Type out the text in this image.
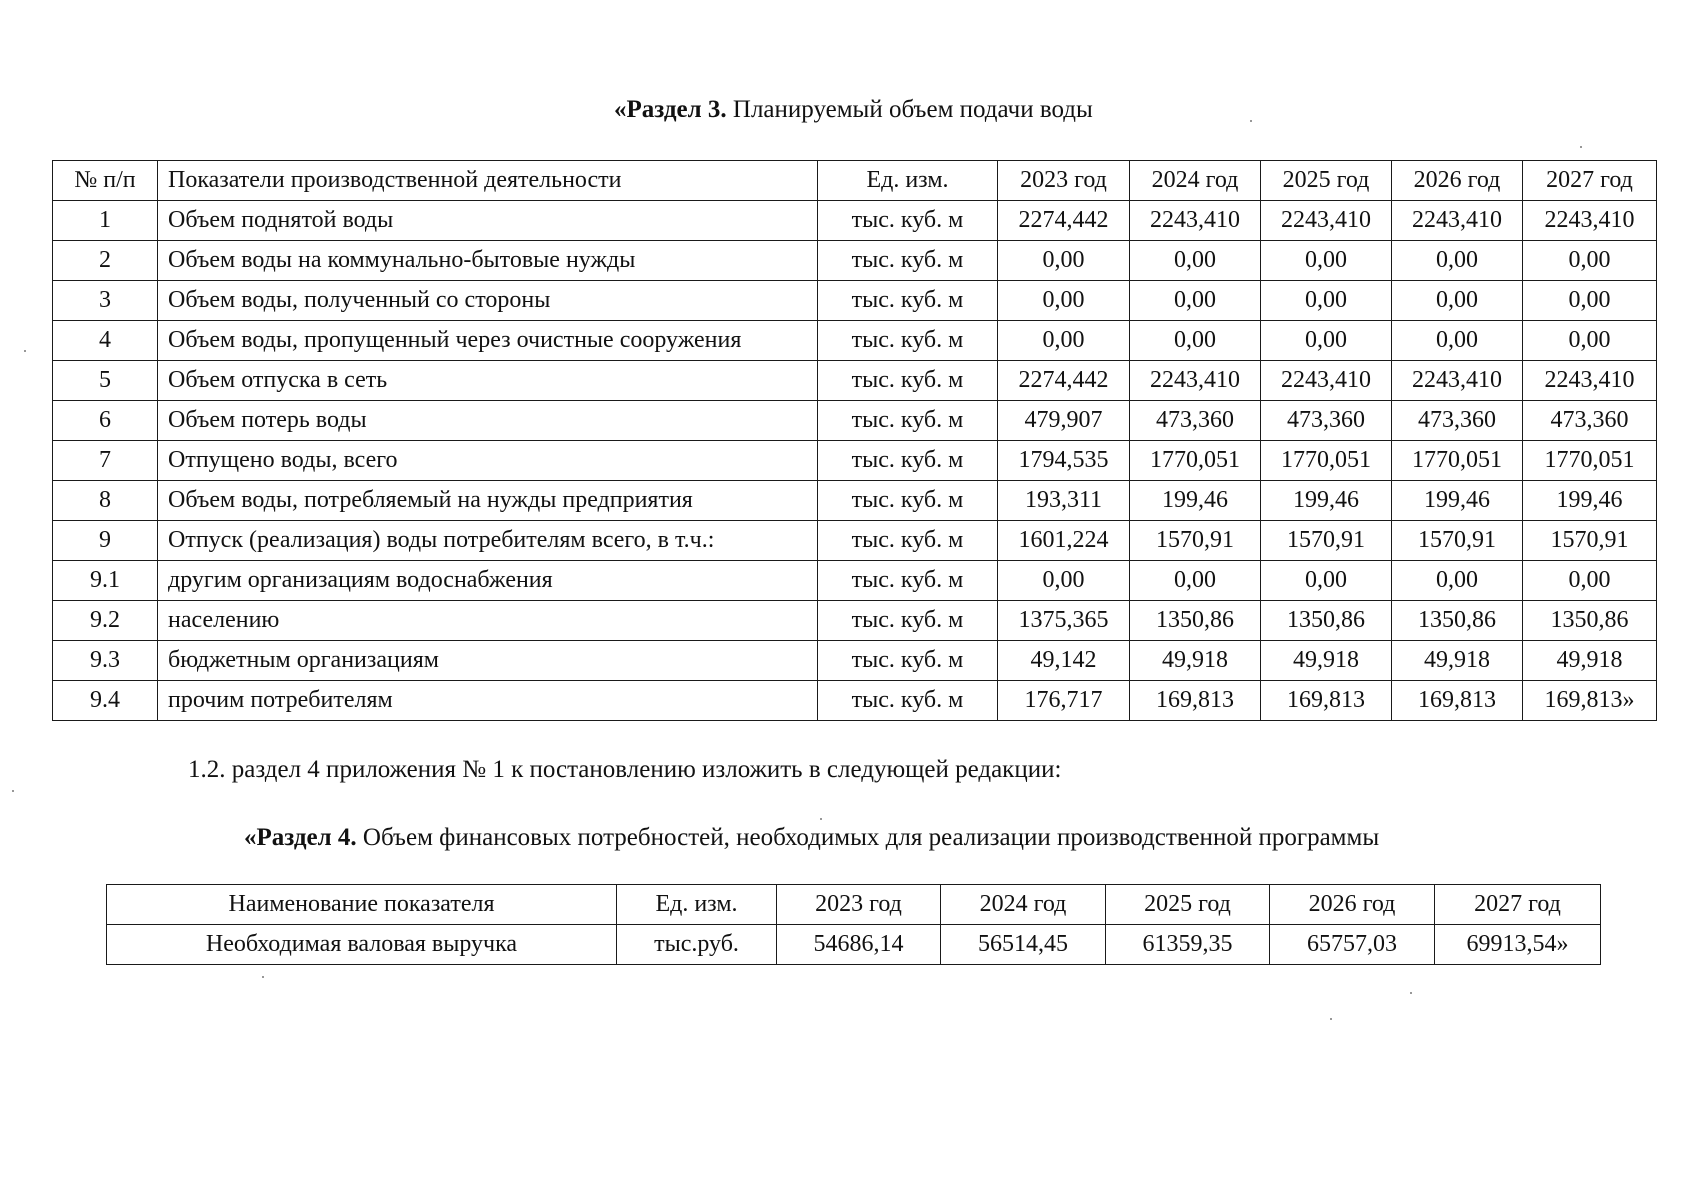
«Раздел 3. Планируемый объем подачи воды
№ п/п	Показатели производственной деятельности	Ед. изм.	2023 год	2024 год	2025 год	2026 год	2027 год
1	Объем поднятой воды	тыс. куб. м	2274,442	2243,410	2243,410	2243,410	2243,410
2	Объем воды на коммунально-бытовые нужды	тыс. куб. м	0,00	0,00	0,00	0,00	0,00
3	Объем воды, полученный со стороны	тыс. куб. м	0,00	0,00	0,00	0,00	0,00
4	Объем воды, пропущенный через очистные сооружения	тыс. куб. м	0,00	0,00	0,00	0,00	0,00
5	Объем отпуска в сеть	тыс. куб. м	2274,442	2243,410	2243,410	2243,410	2243,410
6	Объем потерь воды	тыс. куб. м	479,907	473,360	473,360	473,360	473,360
7	Отпущено воды, всего	тыс. куб. м	1794,535	1770,051	1770,051	1770,051	1770,051
8	Объем воды, потребляемый на нужды предприятия	тыс. куб. м	193,311	199,46	199,46	199,46	199,46
9	Отпуск (реализация) воды потребителям всего, в т.ч.:	тыс. куб. м	1601,224	1570,91	1570,91	1570,91	1570,91
9.1	другим организациям водоснабжения	тыс. куб. м	0,00	0,00	0,00	0,00	0,00
9.2	населению	тыс. куб. м	1375,365	1350,86	1350,86	1350,86	1350,86
9.3	бюджетным организациям	тыс. куб. м	49,142	49,918	49,918	49,918	49,918
9.4	прочим потребителям	тыс. куб. м	176,717	169,813	169,813	169,813	169,813»
1.2. раздел 4 приложения № 1 к постановлению изложить в следующей редакции:
«Раздел 4. Объем финансовых потребностей, необходимых для реализации производственной программы
Наименование показателя	Ед. изм.	2023 год	2024 год	2025 год	2026 год	2027 год
Необходимая валовая выручка	тыс.руб.	54686,14	56514,45	61359,35	65757,03	69913,54»
